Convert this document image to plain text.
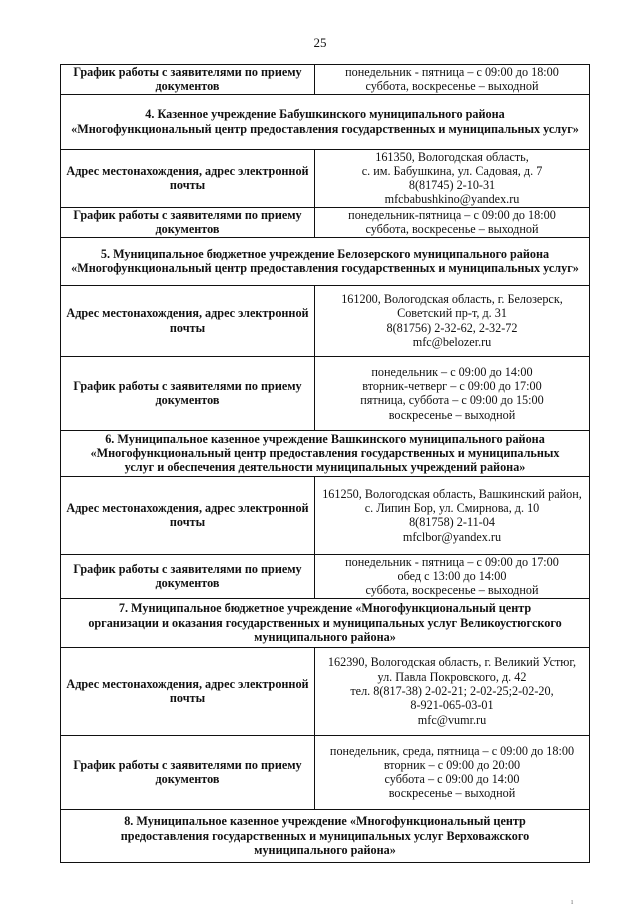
25
График работы с заявителями по приему документов	понедельник - пятница – с 09:00 до 18:00
суббота, воскресенье – выходной

4. Казенное учреждение Бабушкинского муниципального района
«Многофункциональный центр предоставления государственных и муниципальных услуг»	

Адрес местонахождения, адрес электронной почты	161350, Вологодская область,
с. им. Бабушкина, ул. Садовая, д. 7
8(81745) 2-10-31
mfcbabushkino@yandex.ru

График работы с заявителями по приему документов	понедельник-пятница – с 09:00 до 18:00
суббота, воскресенье – выходной

5. Муниципальное бюджетное учреждение Белозерского муниципального района
«Многофункциональный центр предоставления государственных и муниципальных услуг»	

Адрес местонахождения, адрес электронной почты	161200, Вологодская область, г. Белозерск,
Советский пр-т, д. 31
8(81756) 2-32-62, 2-32-72
mfc@belozer.ru

График работы с заявителями по приему документов	понедельник – с 09:00 до 14:00
вторник-четверг – с 09:00 до 17:00
пятница, суббота – с 09:00 до 15:00
воскресенье – выходной

6. Муниципальное казенное учреждение Вашкинского муниципального района
«Многофункциональный центр предоставления государственных и муниципальных
услуг и обеспечения деятельности муниципальных учреждений района»	

Адрес местонахождения, адрес электронной почты	161250, Вологодская область, Вашкинский район,
с. Липин Бор, ул. Смирнова, д. 10
8(81758) 2-11-04
mfclbor@yandex.ru

График работы с заявителями по приему документов	понедельник - пятница – с 09:00 до 17:00
обед с 13:00 до 14:00
суббота, воскресенье – выходной

7. Муниципальное бюджетное учреждение «Многофункциональный центр
организации и оказания государственных и муниципальных услуг Великоустюгского
муниципального района»	

Адрес местонахождения, адрес электронной почты	162390, Вологодская область, г. Великий Устюг,
ул. Павла Покровского, д. 42
тел. 8(817-38) 2-02-21; 2-02-25;2-02-20,
8-921-065-03-01
mfc@vumr.ru

График работы с заявителями по приему документов	понедельник, среда, пятница – с 09:00 до 18:00
вторник – с 09:00 до 20:00
суббота – с 09:00 до 14:00
воскресенье – выходной

8. Муниципальное казенное учреждение «Многофункциональный центр
предоставления государственных и муниципальных услуг Верховажского
муниципального района»	
ı
